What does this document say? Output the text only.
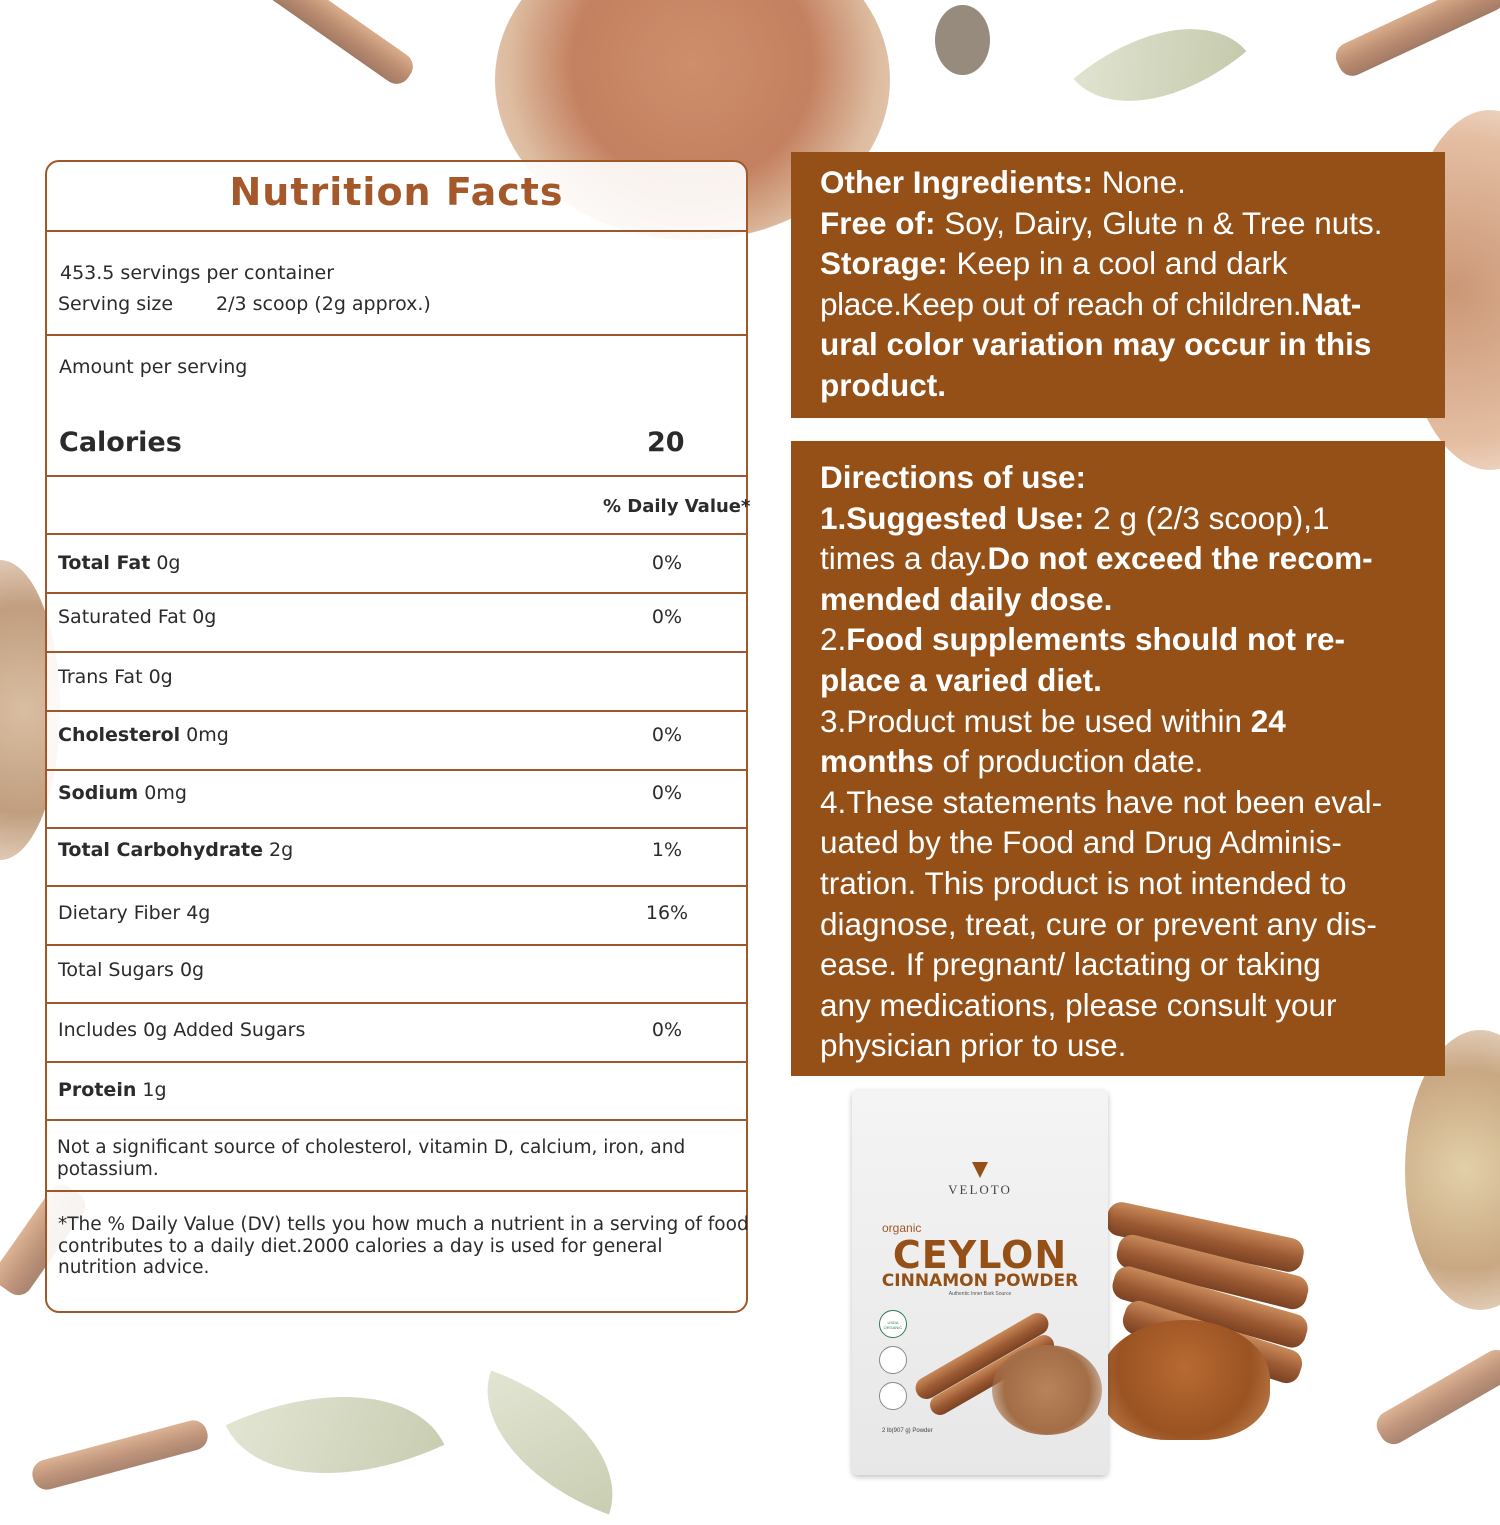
Nutrition Facts
453.5 servings per container
Serving size 2/3 scoop (2g approx.)
Amount per serving
Calories	20
% Daily Value*
Total Fat 0g	0%
Saturated Fat 0g	0%
Trans Fat 0g
Cholesterol 0mg	0%
Sodium 0mg	0%
Total Carbohydrate 2g	1%
Dietary Fiber 4g	16%
Total Sugars 0g
Includes 0g Added Sugars	0%
Protein 1g
Not a significant source of cholesterol, vitamin D, calcium, iron, and
potassium.
*The % Daily Value (DV) tells you how much a nutrient in a serving of food
contributes to a daily diet.2000 calories a day is used for general
nutrition advice.

Other Ingredients: None.

Free of: Soy, Dairy, Glute n & Tree nuts.

Storage: Keep in a cool and dark

place.Keep out of reach of children.Nat-

ural color variation may occur in this

product.

Directions of use:

1.Suggested Use: 2 g (2/3 scoop),1

times a day.Do not exceed the recom-

mended daily dose.

2.Food supplements should not re-

place a varied diet.

3.Product must be used within 24

months of production date.

4.These statements have not been eval-

uated by the Food and Drug Adminis-

tration. This product is not intended to

diagnose, treat, cure or prevent any dis-

ease. If pregnant/ lactating or taking

any medications, please consult your

physician prior to use.

VELOTO
organic
CEYLON
CINNAMON POWDER
Authentic Inner Bark Source
USDA ORGANIC
2 lb(907 g) Powder
